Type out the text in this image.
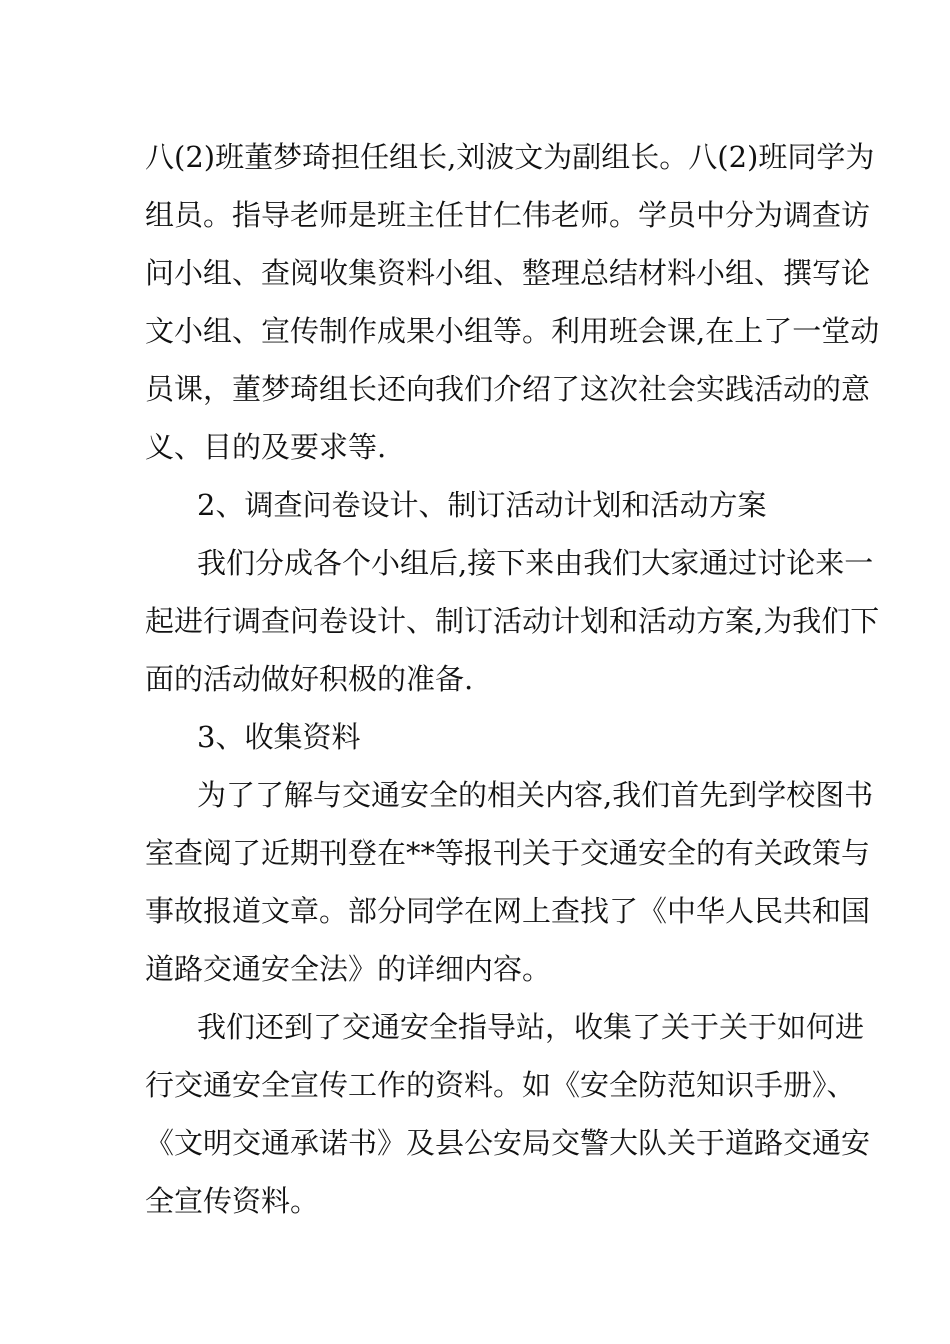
八(2)班董梦琦担任组长,刘波文为副组长。八(2)班同学为
组员。指导老师是班主任甘仁伟老师。学员中分为调查访
问小组、查阅收集资料小组、整理总结材料小组、撰写论
文小组、宣传制作成果小组等。利用班会课,在上了一堂动
员课，董梦琦组长还向我们介绍了这次社会实践活动的意
义、目的及要求等.
2、调查问卷设计、制订活动计划和活动方案
我们分成各个小组后,接下来由我们大家通过讨论来一
起进行调查问卷设计、制订活动计划和活动方案,为我们下
面的活动做好积极的准备.
3、收集资料
为了了解与交通安全的相关内容,我们首先到学校图书
室查阅了近期刊登在**等报刊关于交通安全的有关政策与
事故报道文章。部分同学在网上查找了《中华人民共和国
道路交通安全法》的详细内容。
我们还到了交通安全指导站，收集了关于关于如何进
行交通安全宣传工作的资料。如《安全防范知识手册》、
《文明交通承诺书》及县公安局交警大队关于道路交通安
全宣传资料。
